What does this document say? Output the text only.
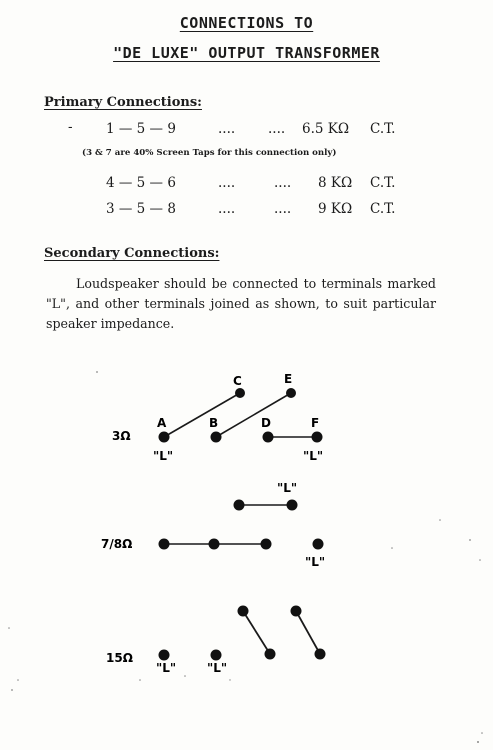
CONNECTIONS TO
"DE LUXE" OUTPUT TRANSFORMER
Primary Connections:
- 1 — 5 — 9	.... .... 6.5 KΩ C.T.
(3 & 7 are 40% Screen Taps for this connection only)
4 — 5 — 6	....	.... 8 KΩ C.T.
3 — 5 — 8	....	.... 9 KΩ C.T.
Secondary Connections:

Loudspeaker should be connected to terminals marked "L", and other terminals joined as shown, to suit particular speaker impedance.

3Ω
C	E
A	B	D	F
"L"	"L"
"L"
7/8Ω
"L"
15Ω
"L"	"L"
